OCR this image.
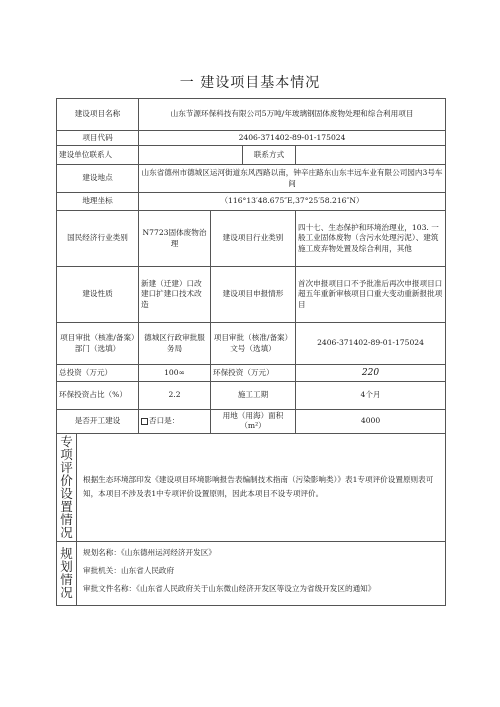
一 建设项目基本情况
建设项目名称		山东节源环保科技有限公司5万吨/年玻璃钢固体废物处理和综合利用项目			
项目代码		2406-371402-89-01-175024			
建设单位联系人				联系方式	
建设地点		山东省德州市德城区运河街道东风西路以南，钟辛庄路东山东丰远车业有限公司园内3号车间			
地理坐标		（116°13′48.675″E,37°25′58.216″N）			
国民经济行业类别		N7723固体废物治理	建设项目行业类别		四十七、生态保护和环境治理业，103. 一般工业固体废物（含污水处理污泥）、建筑施工废弃物处置及综合利用，其他
建设性质		新建（迁建）口改建口扩建口技术改造	建设项目申报情形		首次申报项目口不予批准后再次申报项目口超五年重新审核项目口重大变动重新报批项目
项目审批（核准/备案）部门（选填）		德城区行政审批服务局	项目审批（核准/备案）文号（选填）		2406-371402-89-01-175024
总投资（万元）		100∞	环保投资（万元）		220
环保投资占比（%）		2.2	施工工期		4个月
是否开工建设		否口是：	用地（用海）面积（m²）		4000
专项评价设置情况	根据生态环境部印发《建设项目环境影响报告表编制技术指南（污染影响类）》表1专项评价设置原则表可知，本项目不涉及表1中专项评价设置原则，因此本项目不设专项评价。				
规划情况	规划名称：《山东德州运河经济开发区》
审批机关：山东省人民政府
审批文件名称：《山东省人民政府关于山东微山经济开发区等设立为省级开发区的通知》				
